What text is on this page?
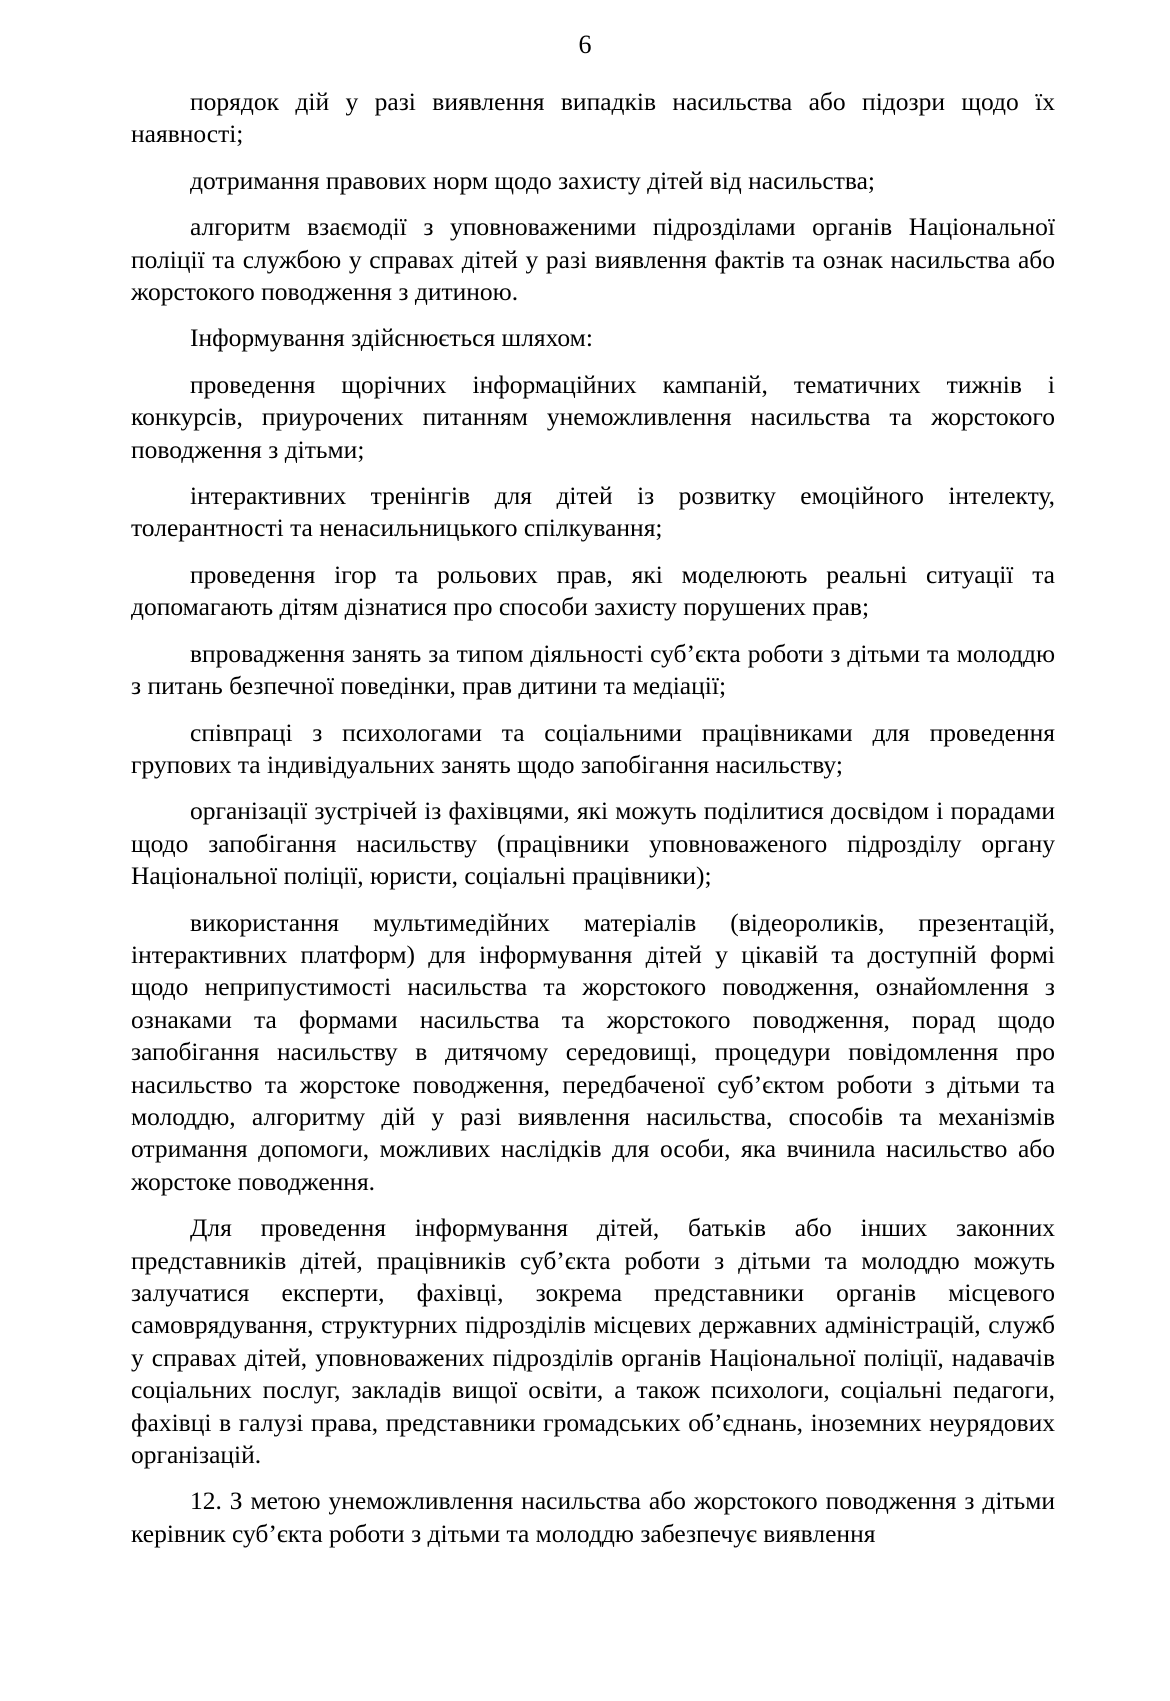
6

порядок дій у разі виявлення випадків насильства або підозри щодо їх наявності;

дотримання правових норм щодо захисту дітей від насильства;

алгоритм взаємодії з уповноваженими підрозділами органів Національної поліції та службою у справах дітей у разі виявлення фактів та ознак насильства або жорстокого поводження з дитиною.

Інформування здійснюється шляхом:

проведення щорічних інформаційних кампаній, тематичних тижнів і конкурсів, приурочених питанням унеможливлення насильства та жорстокого поводження з дітьми;

інтерактивних тренінгів для дітей із розвитку емоційного інтелекту, толерантності та ненасильницького спілкування;

проведення ігор та рольових прав, які моделюють реальні ситуації та допомагають дітям дізнатися про способи захисту порушених прав;

впровадження занять за типом діяльності суб’єкта роботи з дітьми та молоддю з питань безпечної поведінки, прав дитини та медіації;

співпраці з психологами та соціальними працівниками для проведення групових та індивідуальних занять щодо запобігання насильству;

організації зустрічей із фахівцями, які можуть поділитися досвідом і порадами щодо запобігання насильству (працівники уповноваженого підрозділу органу Національної поліції, юристи, соціальні працівники);

використання мультимедійних матеріалів (відеороликів, презентацій, інтерактивних платформ) для інформування дітей у цікавій та доступній формі щодо неприпустимості насильства та жорстокого поводження, ознайомлення з ознаками та формами насильства та жорстокого поводження, порад щодо запобігання насильству в дитячому середовищі, процедури повідомлення про насильство та жорстоке поводження, передбаченої суб’єктом роботи з дітьми та молоддю, алгоритму дій у разі виявлення насильства, способів та механізмів отримання допомоги, можливих наслідків для особи, яка вчинила насильство або жорстоке поводження.

Для проведення інформування дітей, батьків або інших законних представників дітей, працівників суб’єкта роботи з дітьми та молоддю можуть залучатися експерти, фахівці, зокрема представники органів місцевого самоврядування, структурних підрозділів місцевих державних адміністрацій, служб у справах дітей, уповноважених підрозділів органів Національної поліції, надавачів соціальних послуг, закладів вищої освіти, а також психологи, соціальні педагоги, фахівці в галузі права, представники громадських об’єднань, іноземних неурядових організацій.

12. З метою унеможливлення насильства або жорстокого поводження з дітьми керівник суб’єкта роботи з дітьми та молоддю забезпечує виявлення
